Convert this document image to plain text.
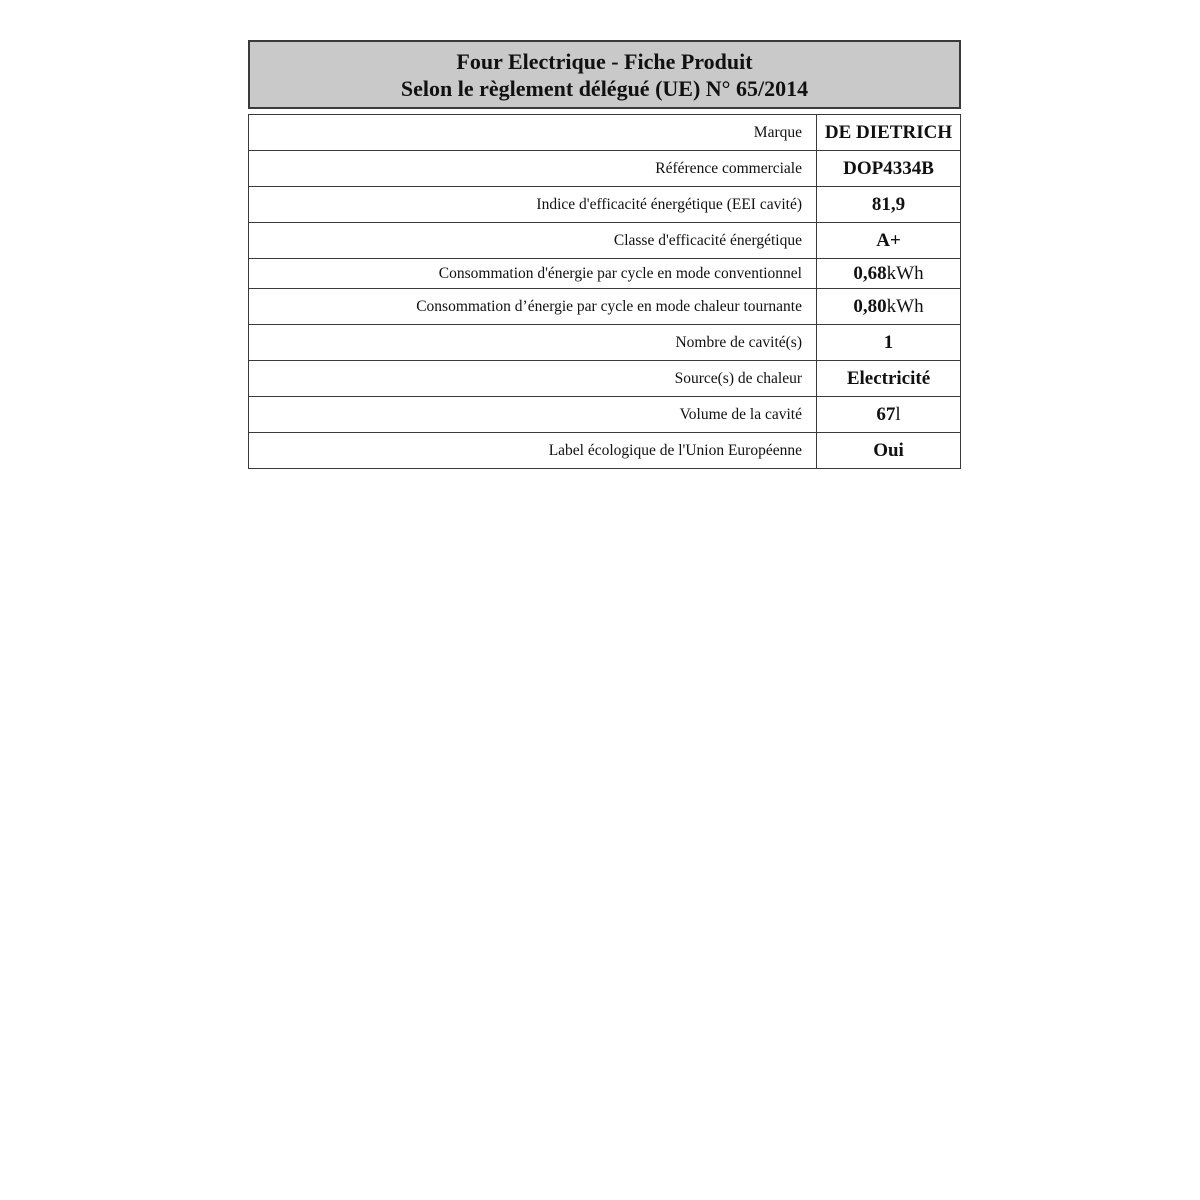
Four Electrique - Fiche Produit
Selon le règlement délégué (UE) N° 65/2014
Marque	DE DIETRICH
Référence commerciale	DOP4334B
Indice d'efficacité énergétique (EEI cavité)	81,9
Classe d'efficacité énergétique	A+
Consommation d'énergie par cycle en mode conventionnel	0,68kWh
Consommation d’énergie par cycle en mode chaleur tournante	0,80kWh
Nombre de cavité(s)	1
Source(s) de chaleur	Electricité
Volume de la cavité	67l
Label écologique de l'Union Européenne	Oui
